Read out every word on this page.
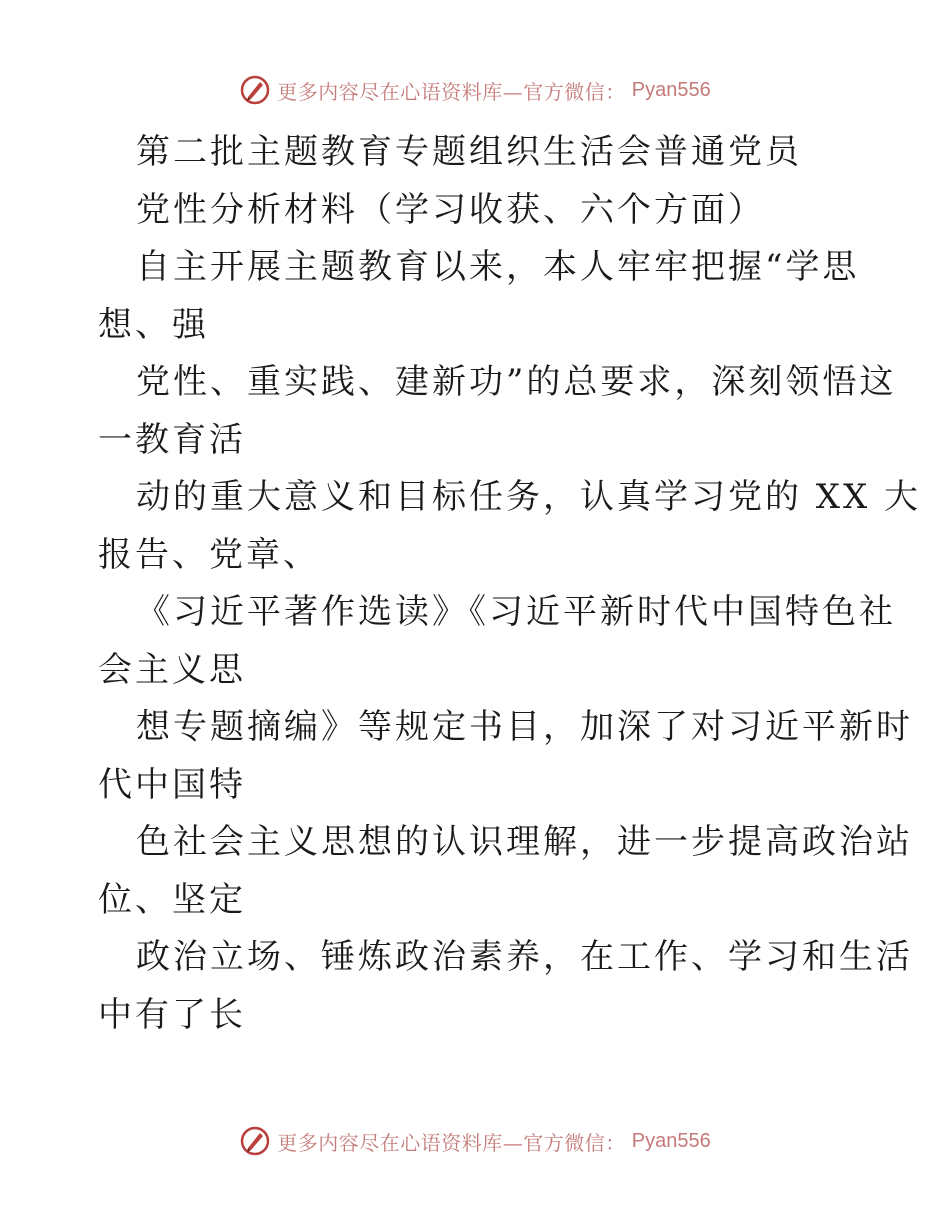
更多内容尽在心语资料库—官方微信： Pyan556
第二批主题教育专题组织生活会普通党员
党性分析材料（学习收获、六个方面）
自主开展主题教育以来，本人牢牢把握“学思
想、强
党性、重实践、建新功”的总要求，深刻领悟这
一教育活
动的重大意义和目标任务，认真学习党的 XX 大
报告、党章、
《习近平著作选读》《习近平新时代中国特色社
会主义思
想专题摘编》等规定书目，加深了对习近平新时
代中国特
色社会主义思想的认识理解，进一步提高政治站
位、坚定
政治立场、锤炼政治素养，在工作、学习和生活
中有了长
更多内容尽在心语资料库—官方微信： Pyan556
